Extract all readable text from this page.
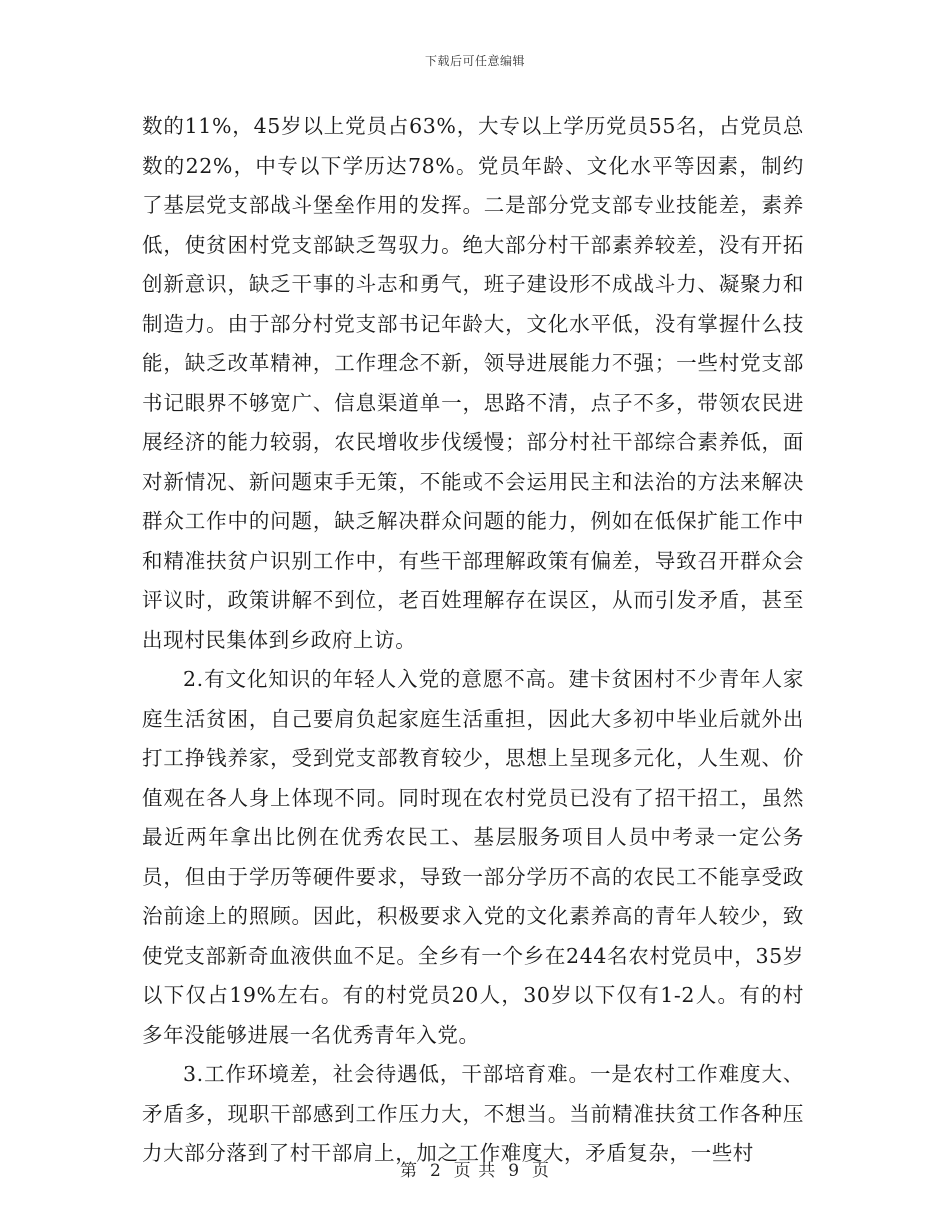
下载后可任意编辑

数的11%，45岁以上党员占63%，大专以上学历党员55名，占党员总数的22%，中专以下学历达78%。党员年龄、文化水平等因素，制约了基层党支部战斗堡垒作用的发挥。二是部分党支部专业技能差，素养低，使贫困村党支部缺乏驾驭力。绝大部分村干部素养较差，没有开拓创新意识，缺乏干事的斗志和勇气，班子建设形不成战斗力、凝聚力和制造力。由于部分村党支部书记年龄大，文化水平低，没有掌握什么技能，缺乏改革精神，工作理念不新，领导进展能力不强；一些村党支部书记眼界不够宽广、信息渠道单一，思路不清，点子不多，带领农民进展经济的能力较弱，农民增收步伐缓慢；部分村社干部综合素养低，面对新情况、新问题束手无策，不能或不会运用民主和法治的方法来解决群众工作中的问题，缺乏解决群众问题的能力，例如在低保扩能工作中和精准扶贫户识别工作中，有些干部理解政策有偏差，导致召开群众会评议时，政策讲解不到位，老百姓理解存在误区，从而引发矛盾，甚至出现村民集体到乡政府上访。

2.有文化知识的年轻人入党的意愿不高。建卡贫困村不少青年人家庭生活贫困，自己要肩负起家庭生活重担，因此大多初中毕业后就外出打工挣钱养家，受到党支部教育较少，思想上呈现多元化，人生观、价值观在各人身上体现不同。同时现在农村党员已没有了招干招工，虽然最近两年拿出比例在优秀农民工、基层服务项目人员中考录一定公务员，但由于学历等硬件要求，导致一部分学历不高的农民工不能享受政治前途上的照顾。因此，积极要求入党的文化素养高的青年人较少，致使党支部新奇血液供血不足。全乡有一个乡在244名农村党员中，35岁以下仅占19%左右。有的村党员20人，30岁以下仅有1-2人。有的村多年没能够进展一名优秀青年入党。

3.工作环境差，社会待遇低，干部培育难。一是农村工作难度大、矛盾多，现职干部感到工作压力大，不想当。当前精准扶贫工作各种压力大部分落到了村干部肩上，加之工作难度大，矛盾复杂，一些村

第 2 页 共 9 页
